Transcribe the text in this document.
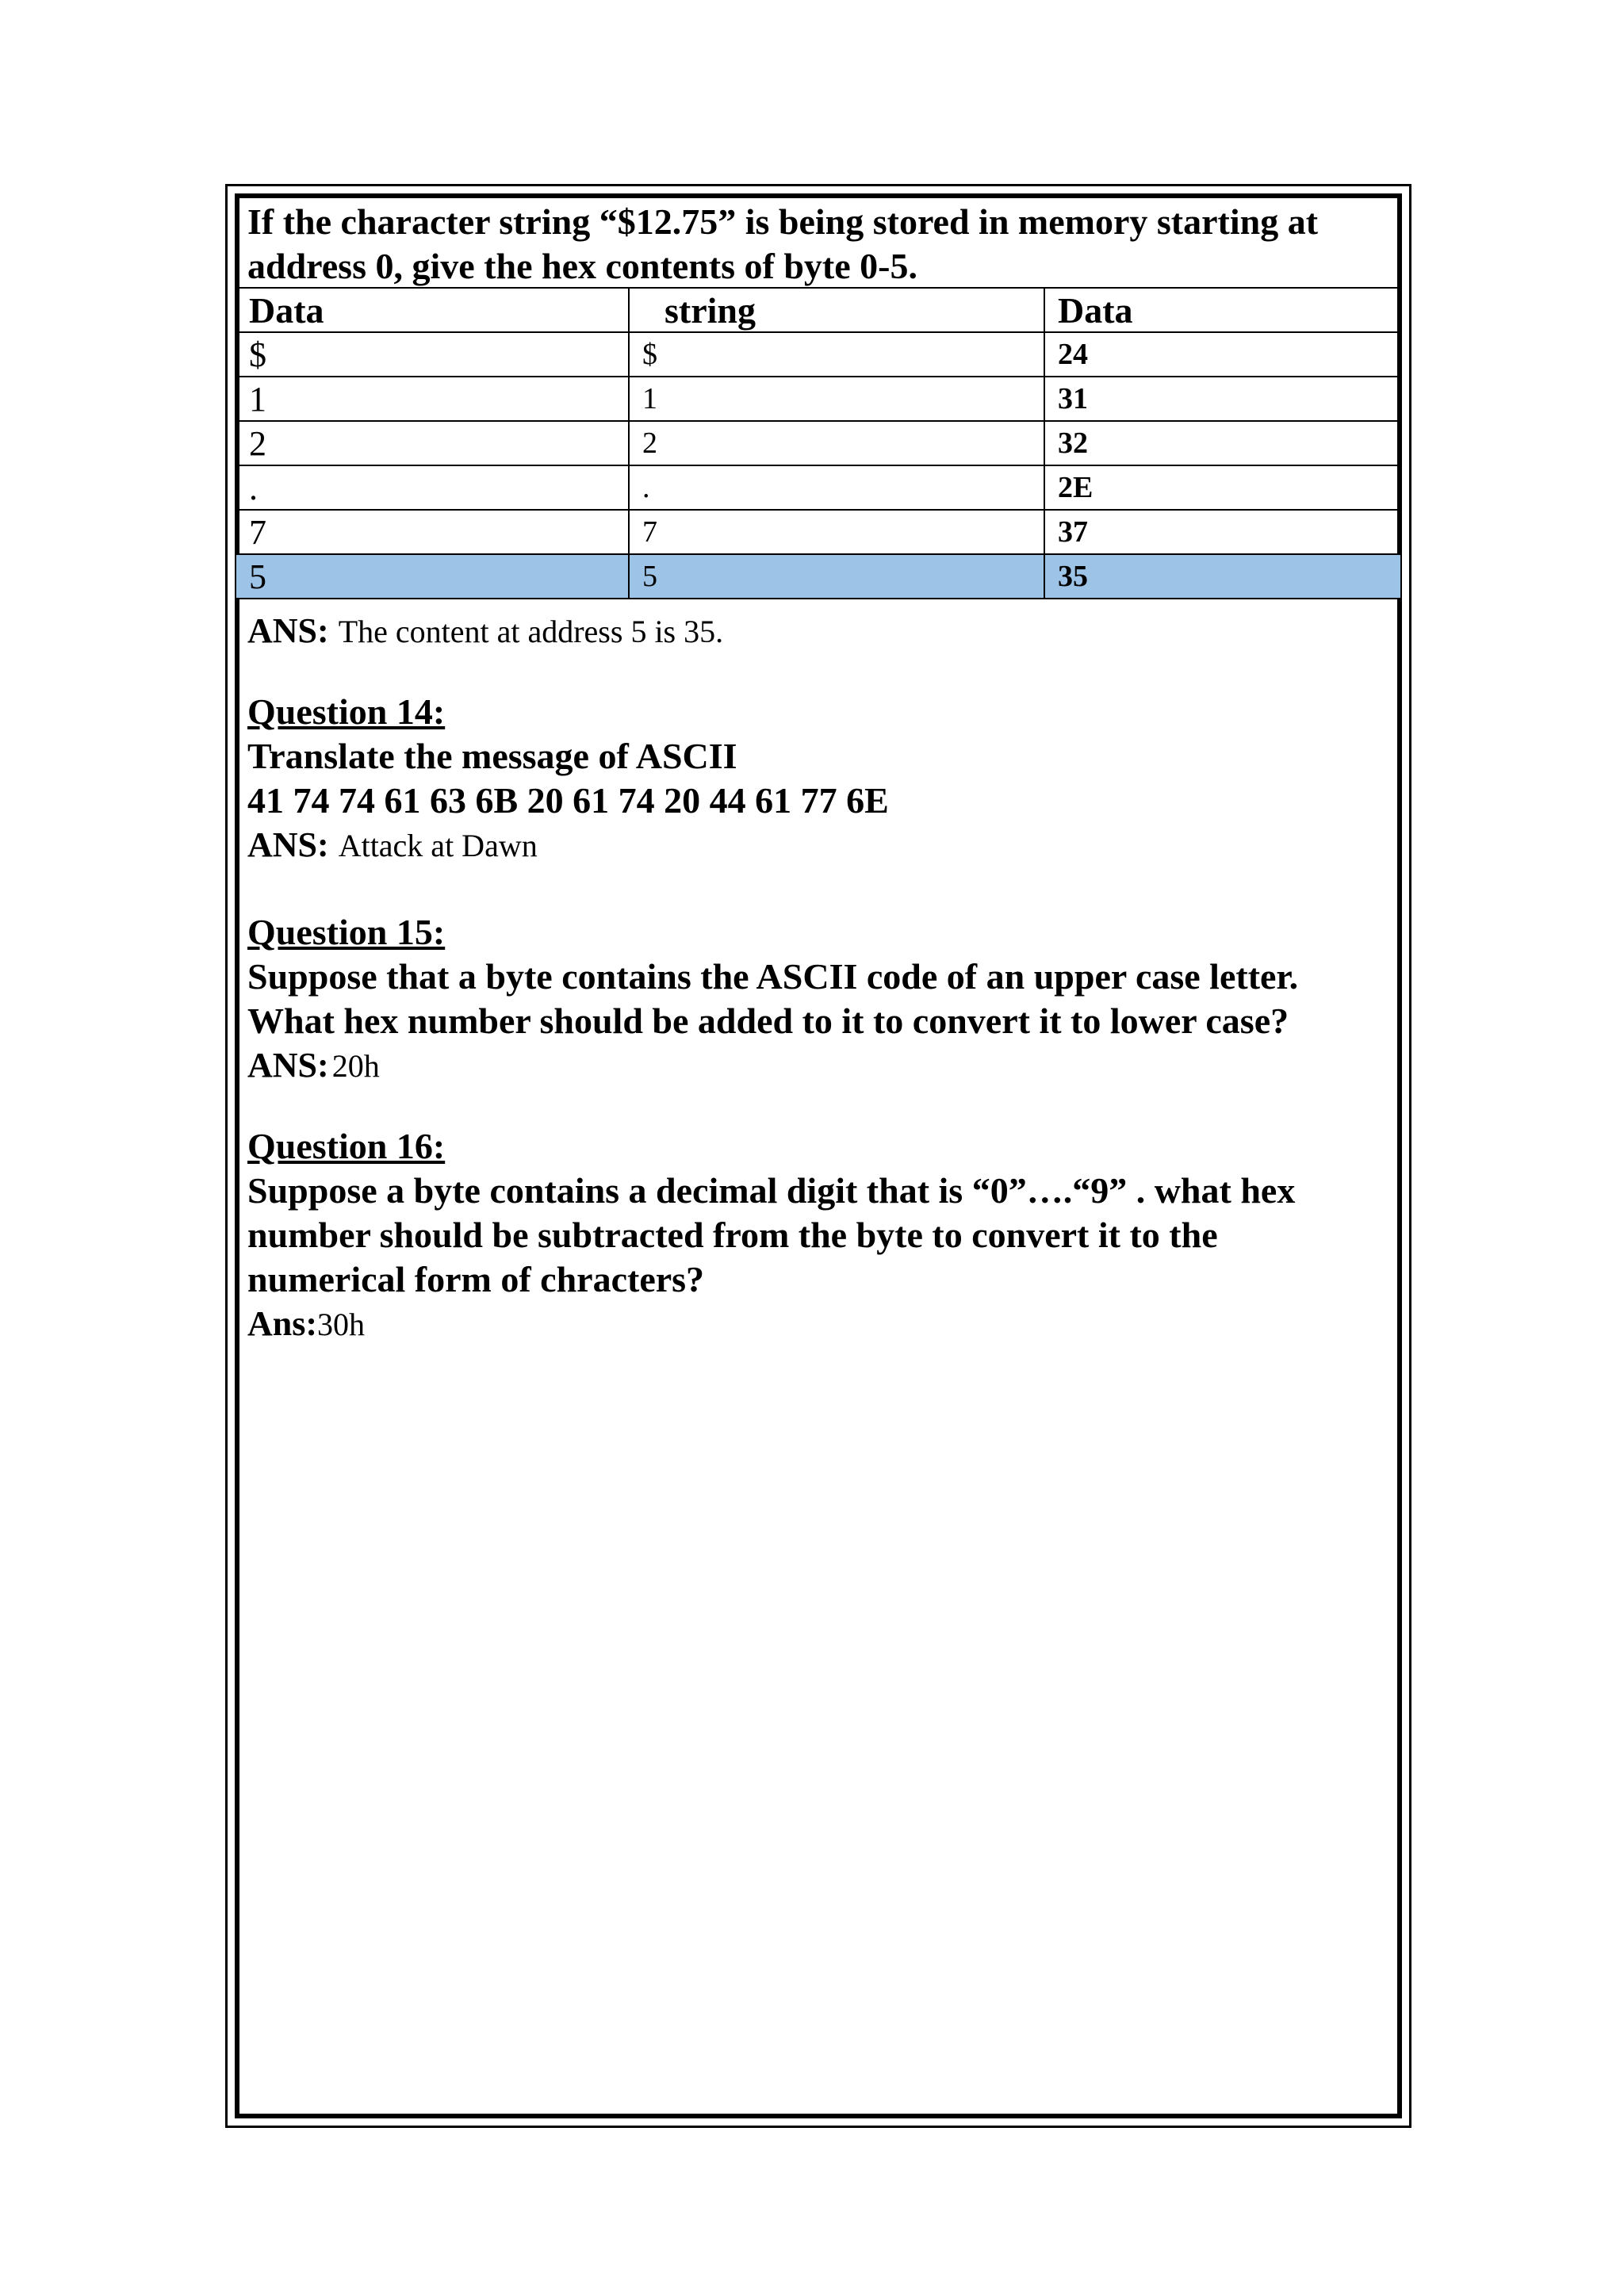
If the character string “$12.75” is being stored in memory starting at
address 0, give the hex contents of byte 0-5.
Data	string	Data
$	$	24
1	1	31
2	2	32
.	.	2E
7	7	37
5	5	35
ANS: The content at address 5 is 35.
Question 14:
Translate the message of ASCII
41 74 74 61 63 6B 20 61 74 20 44 61 77 6E
ANS: Attack at Dawn
Question 15:
Suppose that a byte contains the ASCII code of an upper case letter.
What hex number should be added to it to convert it to lower case?
ANS: 20h
Question 16:
Suppose a byte contains a decimal digit that is “0”….“9” . what hex
number should be subtracted from the byte to convert it to the
numerical form of chracters?
Ans:30h
